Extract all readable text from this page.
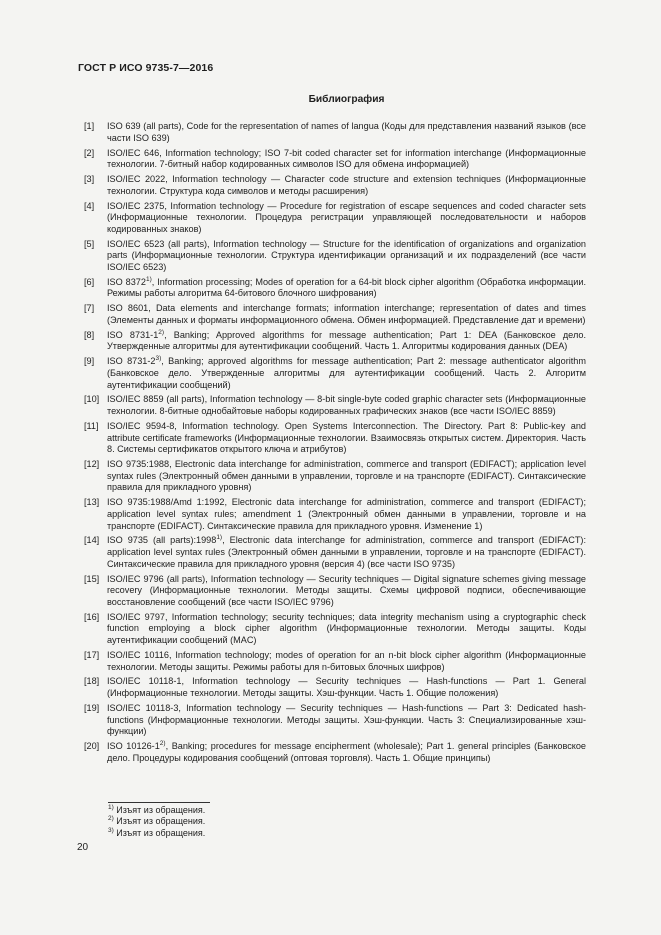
ГОСТ Р ИСО 9735-7—2016
Библиография
[1]	ISO 639 (all parts), Code for the representation of names of langua (Коды для представления названий языков (все части ISO 639)
[2]	ISO/IEC 646, Information technology; ISO 7-bit coded character set for information interchange (Информационные технологии. 7-битный набор кодированных символов ISO для обмена информацией)
[3]	ISO/IEC 2022, Information technology — Character code structure and extension techniques (Информационные технологии. Структура кода символов и методы расширения)
[4]	ISO/IEC 2375, Information technology — Procedure for registration of escape sequences and coded character sets (Информационные технологии. Процедура регистрации управляющей последовательности и наборов кодированных знаков)
[5]	ISO/IEC 6523 (all parts), Information technology — Structure for the identification of organizations and organization parts (Информационные технологии. Структура идентификации организаций и их подразделений (все части ISO/IEC 6523)
[6]	ISO 8372$^{1)}$, Information processing; Modes of operation for a 64-bit block cipher algorithm (Обработка информации. Режимы работы алгоритма 64-битового блочного шифрования)
[7]	ISO 8601, Data elements and interchange formats; information interchange; representation of dates and times (Элементы данных и форматы информационного обмена. Обмен информацией. Представление дат и времени)
[8]	ISO 8731-1$^{2)}$, Banking; Approved algorithms for message authentication; Part 1: DEA (Банковское дело. Утвержденные алгоритмы для аутентификации сообщений. Часть 1. Алгоритмы кодирования данных (DEA)
[9]	ISO 8731-2$^{3)}$, Banking; approved algorithms for message authentication; Part 2: message authenticator algorithm (Банковское дело. Утвержденные алгоритмы для аутентификации сообщений. Часть 2. Алгоритм аутентификации сообщений)
[10] ISO/IEC 8859 (all parts), Information technology — 8-bit single-byte coded graphic character sets (Информационные технологии. 8-битные однобайтовые наборы кодированных графических знаков (все части ISO/IEC 8859)
[11] ISO/IEC 9594-8, Information technology. Open Systems Interconnection. The Directory. Part 8: Public-key and attribute certificate frameworks (Информационные технологии. Взаимосвязь открытых систем. Директория. Часть 8. Системы сертификатов открытого ключа и атрибутов)
[12] ISO 9735:1988, Electronic data interchange for administration, commerce and transport (EDIFACT); application level syntax rules (Электронный обмен данными в управлении, торговле и на транспорте (EDIFACT). Синтаксические правила для прикладного уровня)
[13] ISO 9735:1988/Amd 1:1992, Electronic data interchange for administration, commerce and transport (EDIFACT); application level syntax rules; amendment 1 (Электронный обмен данными в управлении, торговле и на транспорте (EDIFACT). Синтаксические правила для прикладного уровня. Изменение 1)
[14] ISO 9735 (all parts):1998$^{1)}$, Electronic data interchange for administration, commerce and transport (EDIFACT): application level syntax rules (Электронный обмен данными в управлении, торговле и на транспорте (EDIFACT). Синтаксические правила для прикладного уровня (версия 4) (все части ISO 9735)
[15] ISO/IEC 9796 (all parts), Information technology — Security techniques — Digital signature schemes giving message recovery (Информационные технологии. Методы защиты. Схемы цифровой подписи, обеспечивающие восстановление сообщений (все части ISO/IEC 9796)
[16] ISO/IEC 9797, Information technology; security techniques; data integrity mechanism using a cryptographic check function employing a block cipher algorithm (Информационные технологии. Методы защиты. Коды аутентификации сообщений (MAC)
[17] ISO/IEC 10116, Information technology; modes of operation for an n-bit block cipher algorithm (Информационные технологии. Методы защиты. Режимы работы для n-битовых блочных шифров)
[18] ISO/IEC 10118-1, Information technology — Security techniques — Hash-functions — Part 1. General (Информационные технологии. Методы защиты. Хэш-функции. Часть 1. Общие положения)
[19] ISO/IEC 10118-3, Information technology — Security techniques — Hash-functions — Part 3: Dedicated hash-functions (Информационные технологии. Методы защиты. Хэш-функции. Часть 3: Специализированные хэш-функции)
[20] ISO 10126-1$^{2)}$, Banking; procedures for message encipherment (wholesale); Part 1. general principles (Банковское дело. Процедуры кодирования сообщений (оптовая торговля). Часть 1. Общие принципы)
$^{1)}$ Изъят из обращения.
$^{2)}$ Изъят из обращения.
$^{3)}$ Изъят из обращения.
20
